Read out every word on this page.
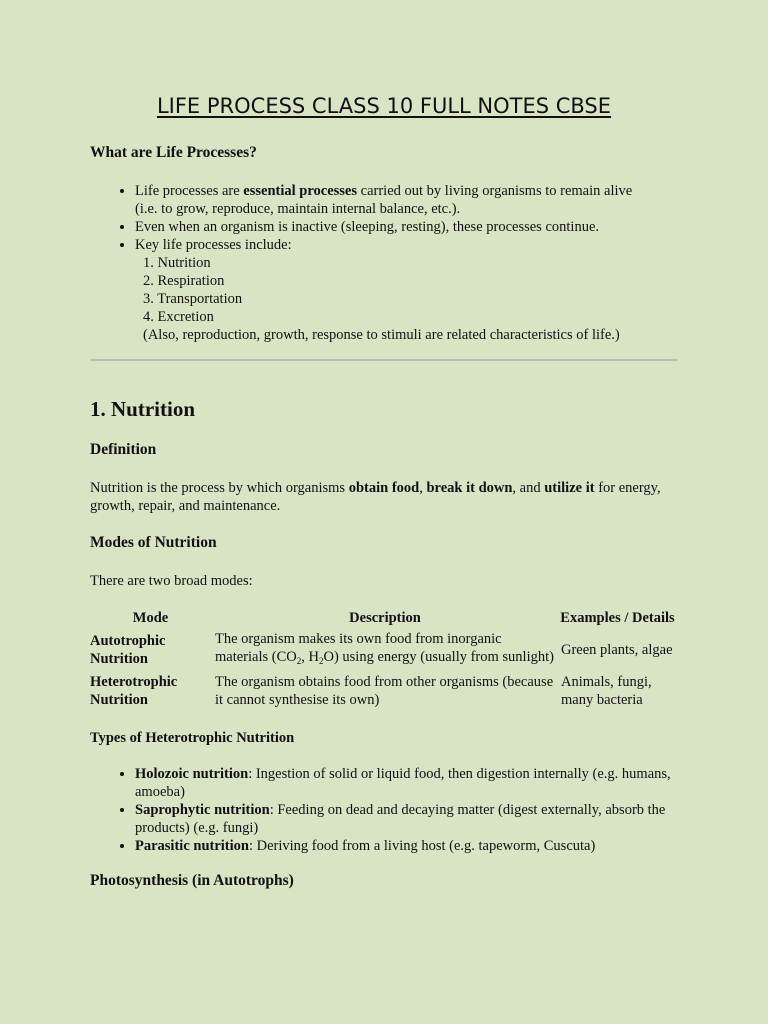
LIFE PROCESS CLASS 10 FULL NOTES CBSE
What are Life Processes?
• Life processes are essential processes carried out by living organisms to remain alive
(i.e. to grow, reproduce, maintain internal balance, etc.).
• Even when an organism is inactive (sleeping, resting), these processes continue.
• Key life processes include:
1. Nutrition
2. Respiration
3. Transportation
4. Excretion
(Also, reproduction, growth, response to stimuli are related characteristics of life.)
1. Nutrition
Definition

Nutrition is the process by which organisms obtain food, break it down, and utilize it for energy, growth, repair, and maintenance.

Modes of Nutrition

There are two broad modes:

Mode	Description	Examples / Details
Autotrophic Nutrition	The organism makes its own food from inorganic materials ($CO_2$, $H_2O$) using energy (usually from sunlight)	Green plants, algae
Heterotrophic Nutrition	The organism obtains food from other organisms (because it cannot synthesise its own)	Animals, fungi, many bacteria
Types of Heterotrophic Nutrition
• Holozoic nutrition: Ingestion of solid or liquid food, then digestion internally (e.g. humans, amoeba)
• Saprophytic nutrition: Feeding on dead and decaying matter (digest externally, absorb the products) (e.g. fungi)
• Parasitic nutrition: Deriving food from a living host (e.g. tapeworm, Cuscuta)
Photosynthesis (in Autotrophs)
